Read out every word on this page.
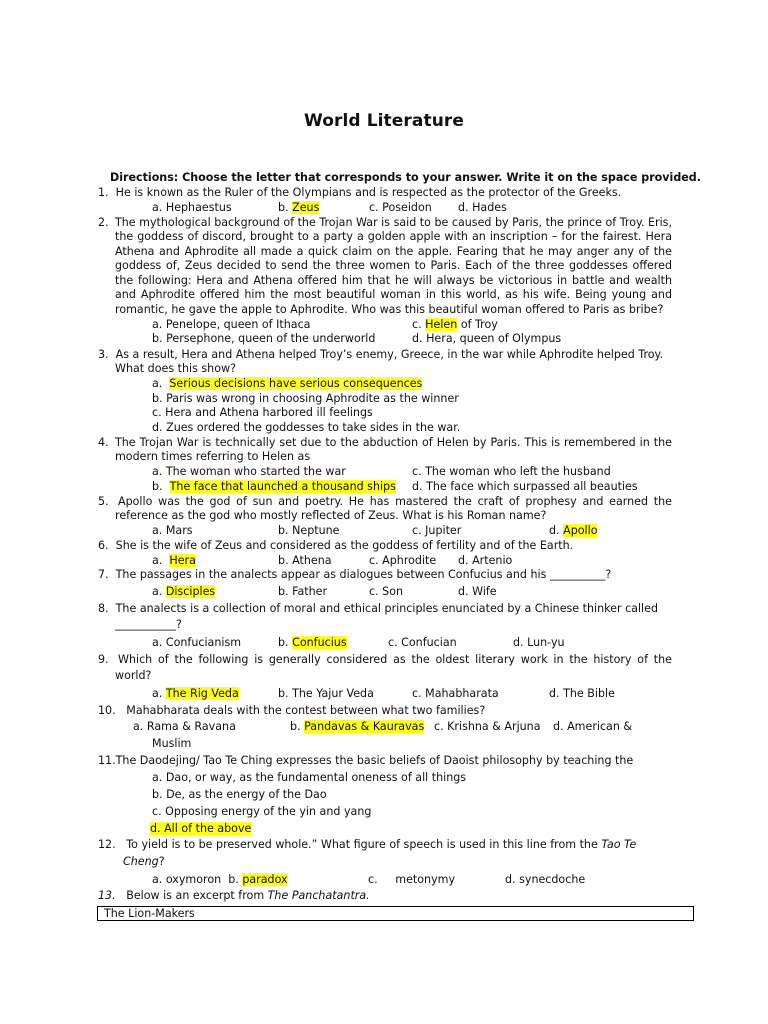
World Literature
Directions: Choose the letter that corresponds to your answer. Write it on the space provided.
1. He is known as the Ruler of the Olympians and is respected as the protector of the Greeks.
a. Hephaestus	b. Zeus	c. Poseidon d. Hades
2. The mythological background of the Trojan War is said to be caused by Paris, the prince of Troy. Eris,
the goddess of discord, brought to a party a golden apple with an inscription – for the fairest. Hera
Athena and Aphrodite all made a quick claim on the apple. Fearing that he may anger any of the
goddess of, Zeus decided to send the three women to Paris. Each of the three goddesses offered
the following: Hera and Athena offered him that he will always be victorious in battle and wealth
and Aphrodite offered him the most beautiful woman in this world, as his wife. Being young and
romantic, he gave the apple to Aphrodite. Who was this beautiful woman offered to Paris as bribe?
a. Penelope, queen of Ithaca	c. Helen of Troy
b. Persephone, queen of the underworld	d. Hera, queen of Olympus
3. As a result, Hera and Athena helped Troy’s enemy, Greece, in the war while Aphrodite helped Troy.
What does this show?
a. Serious decisions have serious consequences
b. Paris was wrong in choosing Aphrodite as the winner
c. Hera and Athena harbored ill feelings
d. Zues ordered the goddesses to take sides in the war.
4. The Trojan War is technically set due to the abduction of Helen by Paris. This is remembered in the
modern times referring to Helen as
a. The woman who started the war	c. The woman who left the husband
b. The face that launched a thousand ships d. The face which surpassed all beauties
5. Apollo was the god of sun and poetry. He has mastered the craft of prophesy and earned the
reference as the god who mostly reflected of Zeus. What is his Roman name?
a. Mars	b. Neptune	c. Jupiter	d. Apollo
6. She is the wife of Zeus and considered as the goddess of fertility and of the Earth.
a. Hera	b. Athena	c. Aphrodite d. Artenio
7. The passages in the analects appear as dialogues between Confucius and his __________?
a. Disciples	b. Father	c. Son	d. Wife
8. The analects is a collection of moral and ethical principles enunciated by a Chinese thinker called
___________?
a. Confucianism	b. Confucius	c. Confucian	d. Lun-yu
9. Which of the following is generally considered as the oldest literary work in the history of the
world?
a. The Rig Veda	b. The Yajur Veda	c. Mahabharata	d. The Bible
10. Mahabharata deals with the contest between what two families?
a. Rama & Ravana	b. Pandavas & Kauravas c. Krishna & Arjuna d. American &
Muslim
11.The Daodejing/ Tao Te Ching expresses the basic beliefs of Daoist philosophy by teaching the
a. Dao, or way, as the fundamental oneness of all things
b. De, as the energy of the Dao
c. Opposing energy of the yin and yang
d. All of the above
12. To yield is to be preserved whole.” What figure of speech is used in this line from the Tao Te
Cheng?
a. oxymoron b. paradox	c. metonymy	d. synecdoche
13. Below is an excerpt from The Panchatantra.
The Lion-Makers
